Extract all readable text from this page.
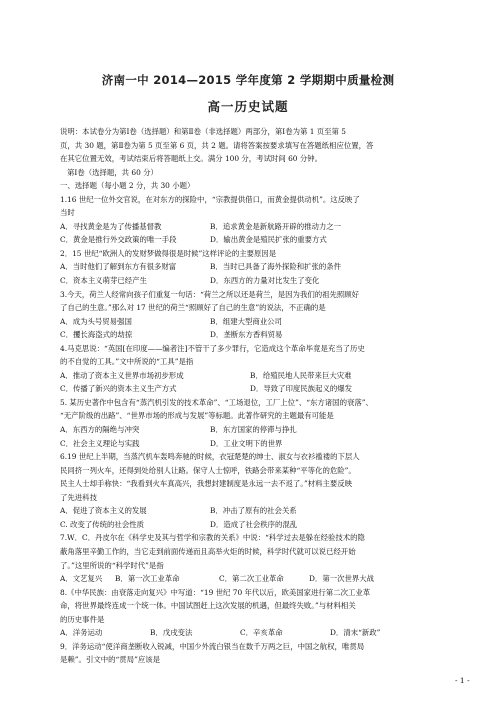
济南一中 2014—2015 学年度第 2 学期期中质量检测
高一历史试题
说明：本试卷分为第Ⅰ卷（选择题）和第Ⅱ卷（非选择题）两部分，第Ⅰ卷为第 1 页至第 5
页，共 30 题，第Ⅱ卷为第 5 页至第 6 页，共 2 题。请将答案按要求填写在答题纸相应位置，答
在其它位置无效，考试结束后将答题纸上交。满分 100 分，考试时间 60 分钟。
第Ⅰ卷（选择题，共 60 分）
一、选择题（每小题 2 分，共 30 小题）
1.16 世纪一位外交官说，在对东方的探险中，“宗教提供借口，而黄金提供动机”。这反映了
当时
A．寻找黄金是为了传播基督教	B．追求黄金是新航路开辟的推动力之一
C．黄金是推行外交政策的唯一手段	D．输出黄金是殖民扩张的重要方式
2．15 世纪“欧洲人的发财梦做得很是时候”这样评论的主要原因是
A．当时他们了解到东方有很多财富	B．当时已具备了海外探险和扩张的条件
C．资本主义萌芽已经产生	D．东西方的力量对比发生了变化
3.今天，荷兰人经常向孩子们重复一句话：“荷兰之所以还是荷兰，是因为我们的祖先照顾好
了自己的生意。”那么对 17 世纪的荷兰“照顾好了自己的生意”的说法，不正确的是
A．成为头号贸易强国	B．组建大型商业公司
C．攫长海盗式的劫掠	D．垄断东方香料贸易
4.马克思说：“英国[在印度——编者注]不管干了多少罪行，它造成这个革命毕竟是充当了历史
的不自觉的工具。”文中所说的“工具”是指
A．推动了资本主义世界市场初步形成	B．给殖民地人民带来巨大灾难
C．传播了新兴的资本主义生产方式	D．导致了印度民族起义的爆发
5. 某历史著作中包含有“蒸汽机引发的技术革命”、“工场退位，工厂上位”、“东方诸国的衰落”、
“无产阶级的出路”、“世界市场的形成与发展”等标题。此著作研究的主题最有可能是
A．东西方的隔绝与冲突	B．东方国家的停滞与挣扎
C．社会主义理论与实践	D．工业文明下的世界
6.19 世纪上半期，当蒸汽机车轰鸣奔驰的时候，衣冠楚楚的绅士、淑女与衣衫褴褛的下层人
民同挤一列火车，还得到处给别人让路。保守人士惊呼，铁路会带来某种“平等化的危险”。
民主人士却手称快：“我看到火车真高兴，我想封建制度是永远一去不返了。”材料主要反映
了先进科技
A．促进了资本主义的发展	B．冲击了原有的社会关系
C. 改变了传统的社会性质	D．造成了社会秩序的混乱
7.W．C．丹皮尔在《科学史及其与哲学和宗教的关系》中说：“科学过去是躲在经验技术的隐
蔽角落里辛勤工作的，当它走到前面传递而且高举火炬的时候，科学时代就可以说已经开始
了。”这里所说的“科学时代”是指
A．文艺复兴	B．第一次工业革命	C．第二次工业革命	D．第一次世界大战
8.《中华民族：由衰落走向复兴》中写道：“19 世纪 70 年代以后，欧美国家进行第二次工业革
命，将世界最终连成一个统一体。中国试图赶上这次发展的机遇，但最终失败。”与材料相关
的历史事件是
A．洋务运动	B．戊戌变法	C．辛亥革命	D．清末“新政”
9．洋务运动“使洋商垄断收入锐减，中国少外流白银当在数千万两之巨，中国之航权，唯贯局
是赖”。引文中的“贯局”应该是
- 1 -
